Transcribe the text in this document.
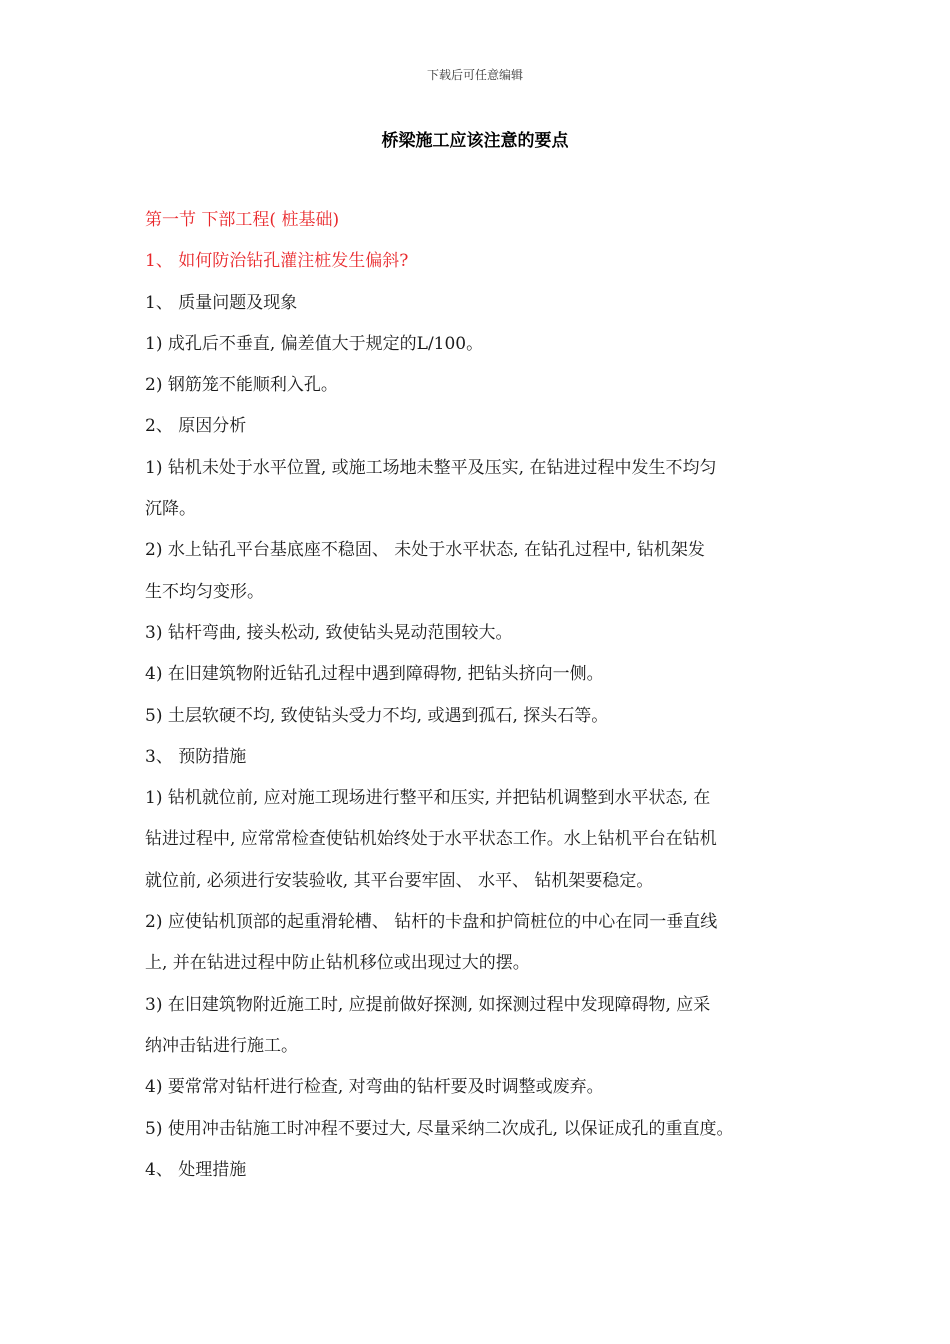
下载后可任意编辑
桥梁施工应该注意的要点
第一节 下部工程( 桩基础)
1、 如何防治钻孔灌注桩发生偏斜?
1、 质量问题及现象
1) 成孔后不垂直, 偏差值大于规定的L/100。
2) 钢筋笼不能顺利入孔。
2、 原因分析
1) 钻机未处于水平位置, 或施工场地未整平及压实, 在钻进过程中发生不均匀
沉降。
2) 水上钻孔平台基底座不稳固、 未处于水平状态, 在钻孔过程中, 钻机架发
生不均匀变形。
3) 钻杆弯曲, 接头松动, 致使钻头晃动范围较大。
4) 在旧建筑物附近钻孔过程中遇到障碍物, 把钻头挤向一侧。
5) 土层软硬不均, 致使钻头受力不均, 或遇到孤石, 探头石等。
3、 预防措施
1) 钻机就位前, 应对施工现场进行整平和压实, 并把钻机调整到水平状态, 在
钻进过程中, 应常常检查使钻机始终处于水平状态工作。水上钻机平台在钻机
就位前, 必须进行安装验收, 其平台要牢固、 水平、 钻机架要稳定。
2) 应使钻机顶部的起重滑轮槽、 钻杆的卡盘和护筒桩位的中心在同一垂直线
上, 并在钻进过程中防止钻机移位或出现过大的摆。
3) 在旧建筑物附近施工时, 应提前做好探测, 如探测过程中发现障碍物, 应采
纳冲击钻进行施工。
4) 要常常对钻杆进行检查, 对弯曲的钻杆要及时调整或废弃。
5) 使用冲击钻施工时冲程不要过大, 尽量采纳二次成孔, 以保证成孔的重直度。
4、 处理措施
